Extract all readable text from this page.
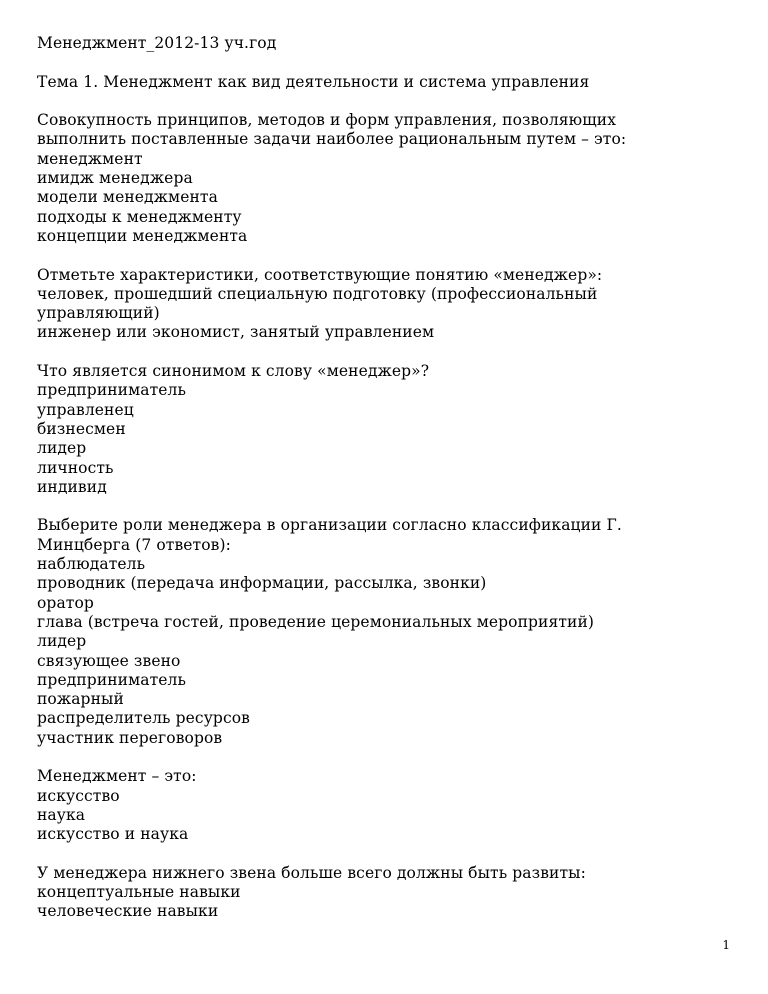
Менеджмент_2012-13 уч.год
Тема 1. Менеджмент как вид деятельности и система управления
Совокупность принципов, методов и форм управления, позволяющих
выполнить поставленные задачи наиболее рациональным путем – это:
менеджмент
имидж менеджера
модели менеджмента
подходы к менеджменту
концепции менеджмента
Отметьте характеристики, соответствующие понятию «менеджер»:
человек, прошедший специальную подготовку (профессиональный
управляющий)
инженер или экономист, занятый управлением
Что является синонимом к слову «менеджер»?
предприниматель
управленец
бизнесмен
лидер
личность
индивид
Выберите роли менеджера в организации согласно классификации Г.
Минцберга (7 ответов):
наблюдатель
проводник (передача информации, рассылка, звонки)
оратор
глава (встреча гостей, проведение церемониальных мероприятий)
лидер
связующее звено
предприниматель
пожарный
распределитель ресурсов
участник переговоров
Менеджмент – это:
искусство
наука
искусство и наука
У менеджера нижнего звена больше всего должны быть развиты:
концептуальные навыки
человеческие навыки
1
